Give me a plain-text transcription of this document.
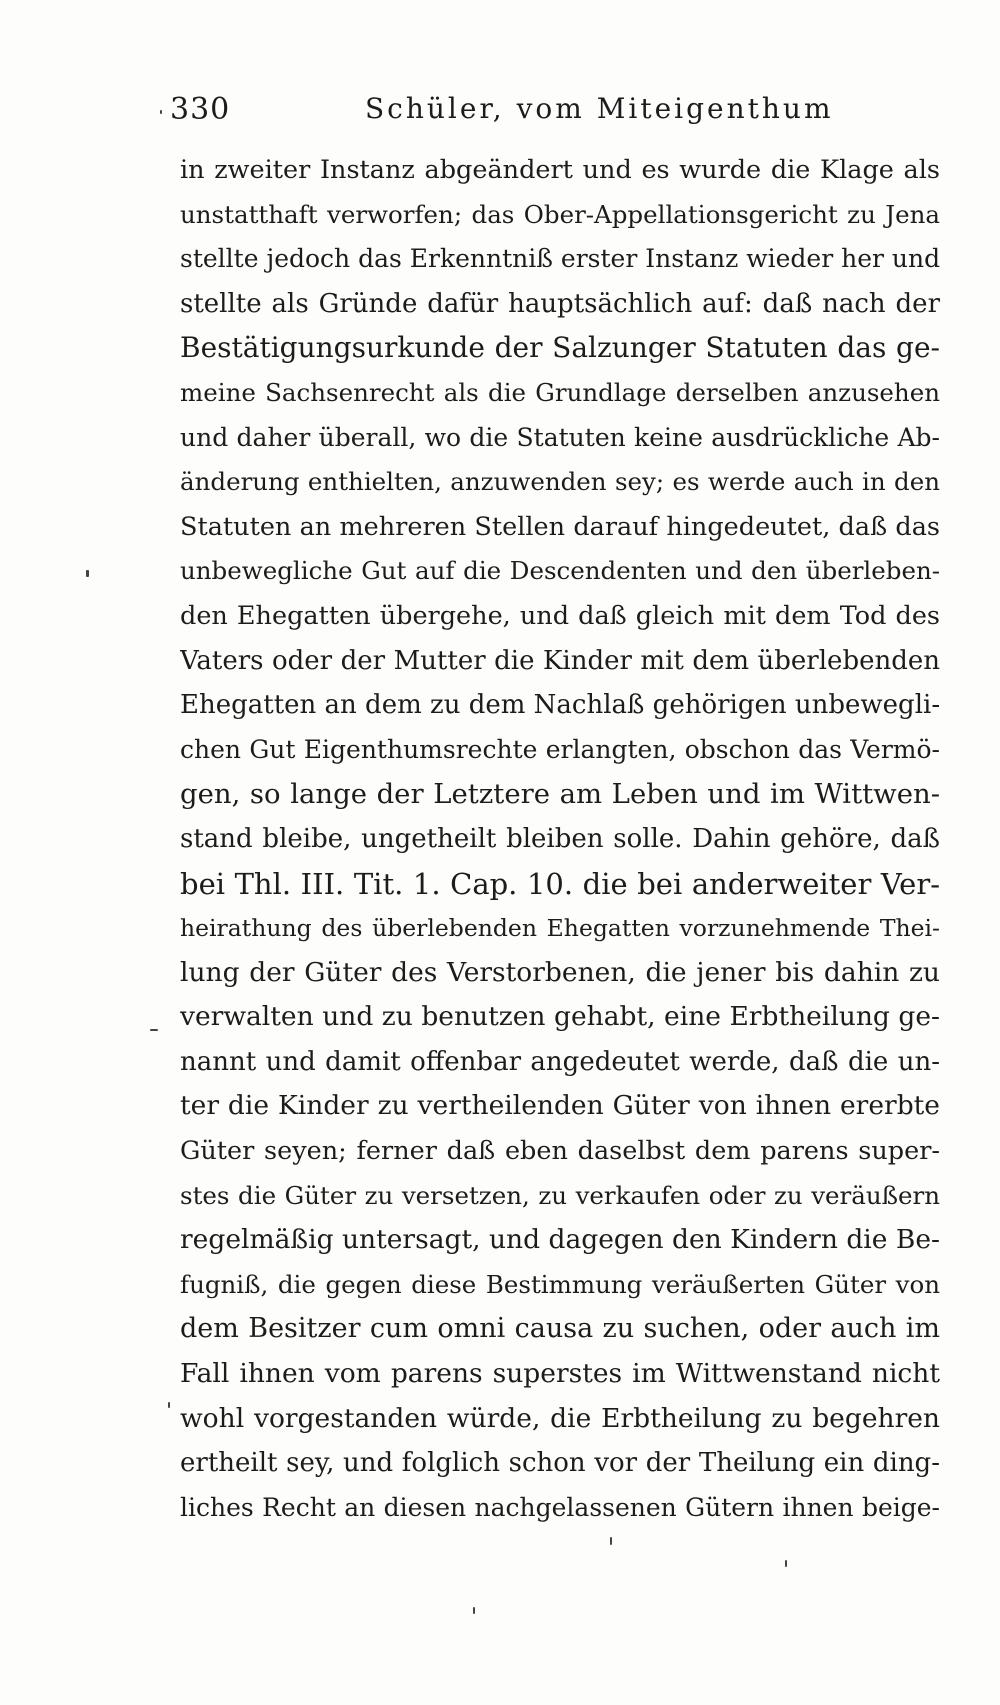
330	Schüler, vom Miteigenthum
in zweiter Instanz abgeändert und es wurde die Klage als
unstatthaft verworfen; das Ober-Appellationsgericht zu Jena
stellte jedoch das Erkenntniß erster Instanz wieder her und
stellte als Gründe dafür hauptsächlich auf: daß nach der
Bestätigungsurkunde der Salzunger Statuten das ge-
meine Sachsenrecht als die Grundlage derselben anzusehen
und daher überall, wo die Statuten keine ausdrückliche Ab-
änderung enthielten, anzuwenden sey; es werde auch in den
Statuten an mehreren Stellen darauf hingedeutet, daß das
unbewegliche Gut auf die Descendenten und den überleben-
den Ehegatten übergehe, und daß gleich mit dem Tod des
Vaters oder der Mutter die Kinder mit dem überlebenden
Ehegatten an dem zu dem Nachlaß gehörigen unbewegli-
chen Gut Eigenthumsrechte erlangten, obschon das Vermö-
gen, so lange der Letztere am Leben und im Wittwen-
stand bleibe, ungetheilt bleiben solle. Dahin gehöre, daß
bei Thl. III. Tit. 1. Cap. 10. die bei anderweiter Ver-
heirathung des überlebenden Ehegatten vorzunehmende Thei-
lung der Güter des Verstorbenen, die jener bis dahin zu
verwalten und zu benutzen gehabt, eine Erbtheilung ge-
nannt und damit offenbar angedeutet werde, daß die un-
ter die Kinder zu vertheilenden Güter von ihnen ererbte
Güter seyen; ferner daß eben daselbst dem parens super-
stes die Güter zu versetzen, zu verkaufen oder zu veräußern
regelmäßig untersagt, und dagegen den Kindern die Be-
fugniß, die gegen diese Bestimmung veräußerten Güter von
dem Besitzer cum omni causa zu suchen, oder auch im
Fall ihnen vom parens superstes im Wittwenstand nicht
wohl vorgestanden würde, die Erbtheilung zu begehren
ertheilt sey, und folglich schon vor der Theilung ein ding-
liches Recht an diesen nachgelassenen Gütern ihnen beige-
